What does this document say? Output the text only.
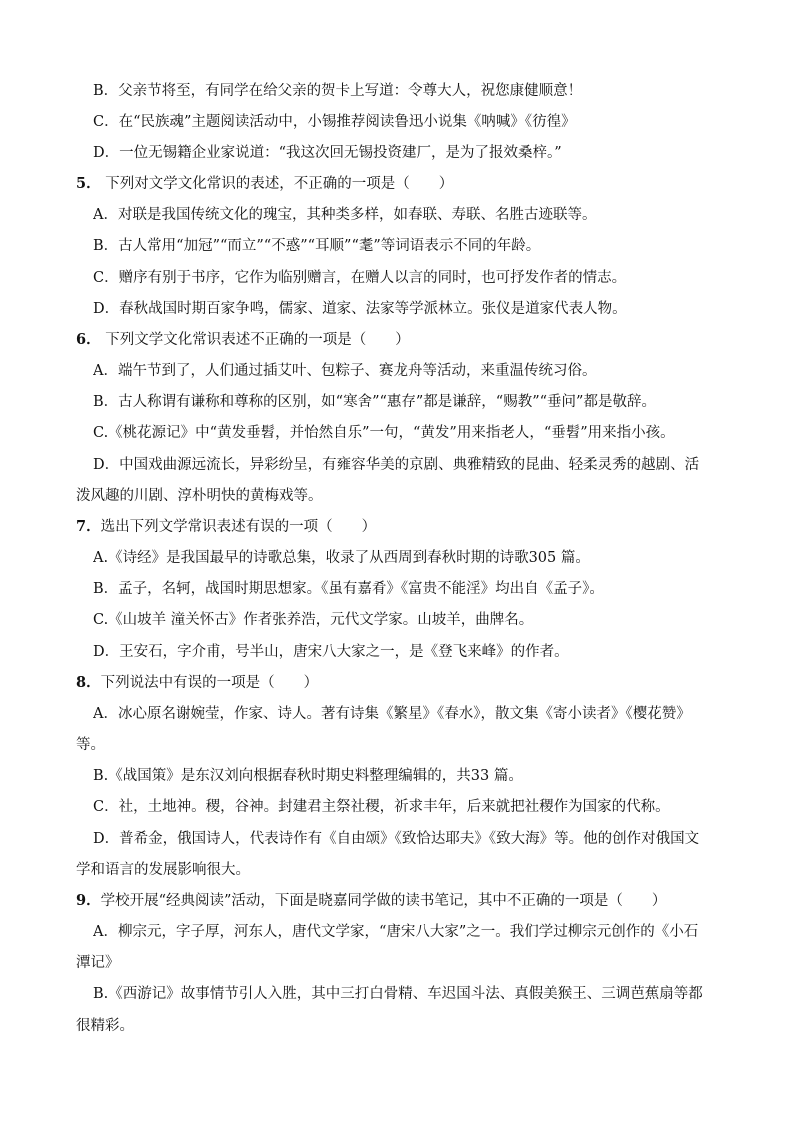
B．父亲节将至，有同学在给父亲的贺卡上写道：令尊大人，祝您康健顺意！
C．在“民族魂”主题阅读活动中，小锡推荐阅读鲁迅小说集《呐喊》《彷徨》
D．一位无锡籍企业家说道：“我这次回无锡投资建厂，是为了报效桑梓。”
5． 下列对文学文化常识的表述，不正确的一项是（　　）
A．对联是我国传统文化的瑰宝，其种类多样，如春联、寿联、名胜古迹联等。
B．古人常用“加冠”“而立”“不惑”“耳顺”“耄”等词语表示不同的年龄。
C．赠序有别于书序，它作为临别赠言，在赠人以言的同时，也可抒发作者的情志。
D．春秋战国时期百家争鸣，儒家、道家、法家等学派林立。张仪是道家代表人物。
6． 下列文学文化常识表述不正确的一项是（　　）
A．端午节到了，人们通过插艾叶、包粽子、赛龙舟等活动，来重温传统习俗。
B．古人称谓有谦称和尊称的区别，如“寒舍”“惠存”都是谦辞，“赐教”“垂问”都是敬辞。
C.《桃花源记》中“黄发垂髫，并怡然自乐”一句，“黄发”用来指老人，“垂髫”用来指小孩。
D．中国戏曲源远流长，异彩纷呈，有雍容华美的京剧、典雅精致的昆曲、轻柔灵秀的越剧、活
泼风趣的川剧、淳朴明快的黄梅戏等。
7．选出下列文学常识表述有误的一项（　　）
A.《诗经》是我国最早的诗歌总集，收录了从西周到春秋时期的诗歌305 篇。
B．孟子，名轲，战国时期思想家。《虽有嘉肴》《富贵不能淫》均出自《孟子》。
C.《山坡羊 潼关怀古》作者张养浩，元代文学家。山坡羊，曲牌名。
D．王安石，字介甫，号半山，唐宋八大家之一，是《登飞来峰》的作者。
8．下列说法中有误的一项是（　　）
A．冰心原名谢婉莹，作家、诗人。著有诗集《繁星》《春水》，散文集《寄小读者》《樱花赞》
等。
B.《战国策》是东汉刘向根据春秋时期史料整理编辑的，共33 篇。
C．社，土地神。稷，谷神。封建君主祭社稷，祈求丰年，后来就把社稷作为国家的代称。
D．普希金，俄国诗人，代表诗作有《自由颂》《致恰达耶夫》《致大海》等。他的创作对俄国文
学和语言的发展影响很大。
9．学校开展“经典阅读”活动，下面是晓嘉同学做的读书笔记，其中不正确的一项是（　　）
A．柳宗元，字子厚，河东人，唐代文学家，“唐宋八大家”之一。我们学过柳宗元创作的《小石
潭记》
B.《西游记》故事情节引人入胜，其中三打白骨精、车迟国斗法、真假美猴王、三调芭蕉扇等都
很精彩。
